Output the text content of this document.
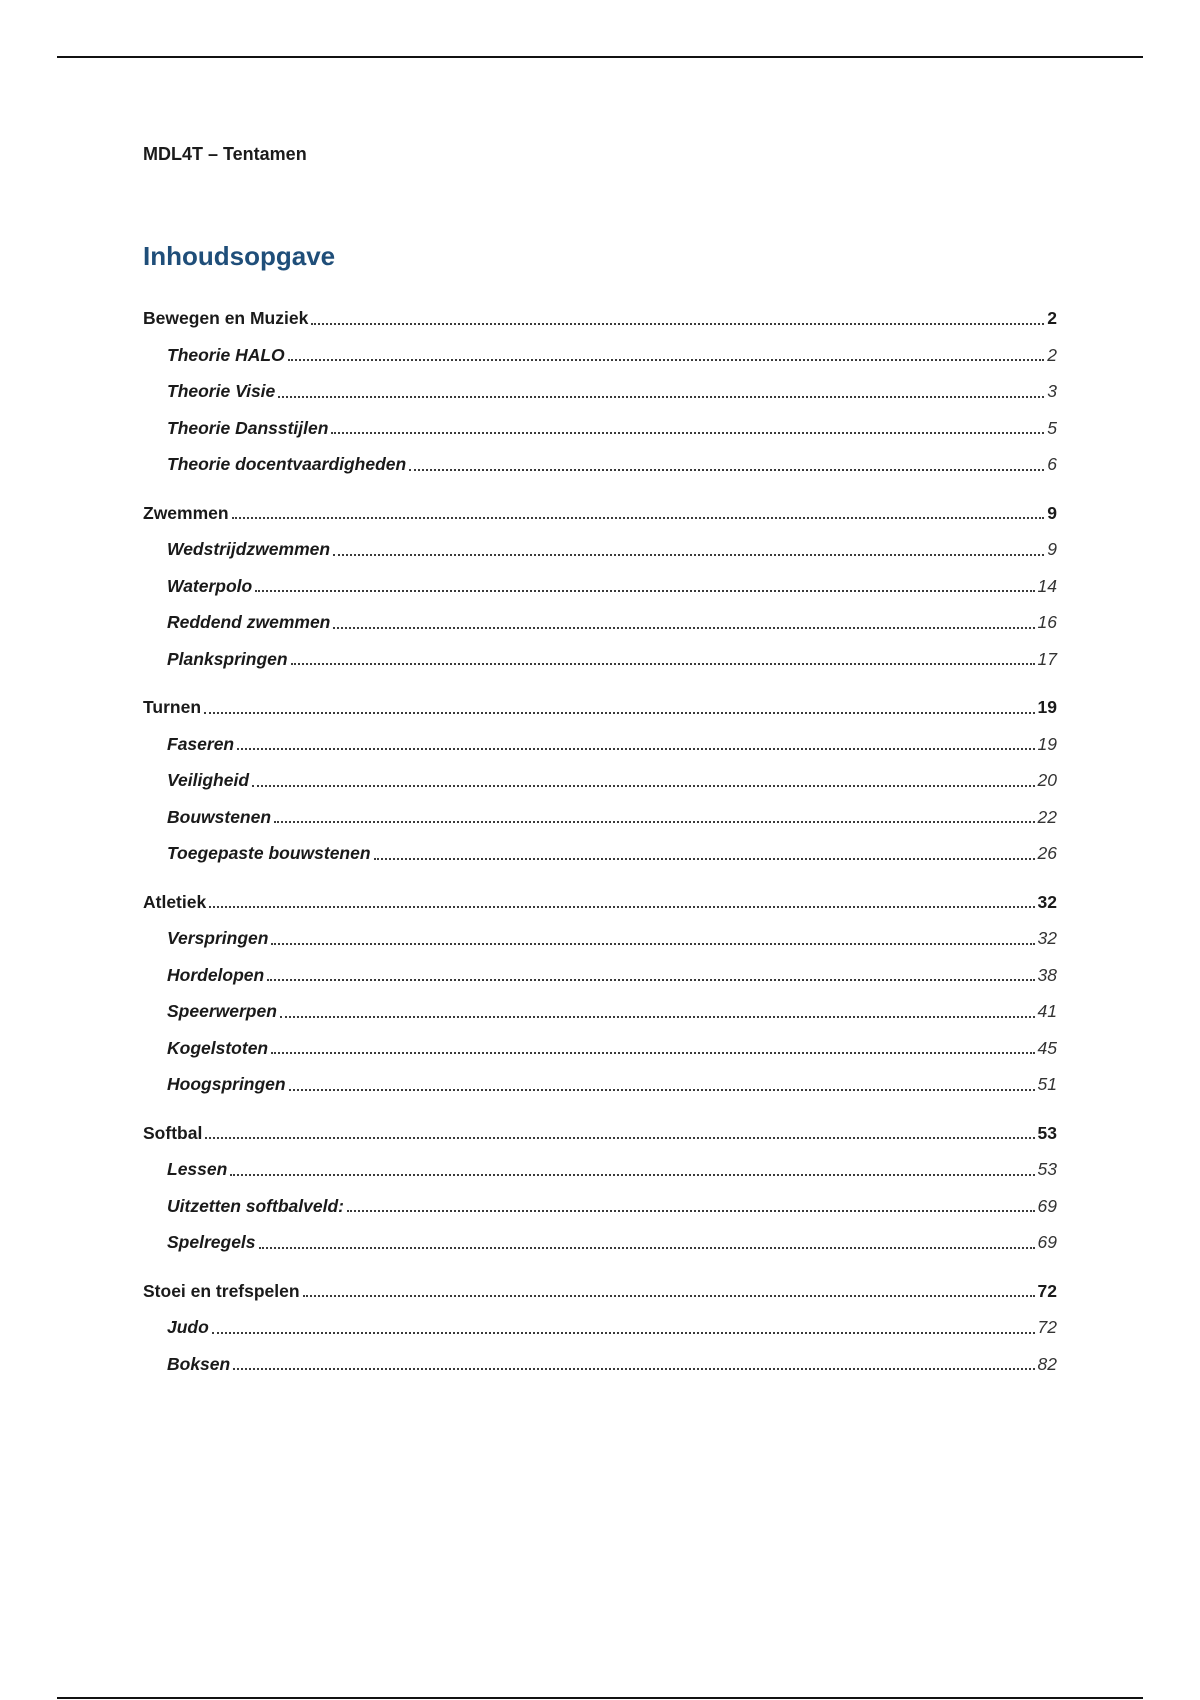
MDL4T – Tentamen
Inhoudsopgave
Bewegen en Muziek	2
Theorie HALO	2
Theorie Visie	3
Theorie Dansstijlen	5
Theorie docentvaardigheden	6
Zwemmen	9
Wedstrijdzwemmen	9
Waterpolo	14
Reddend zwemmen	16
Plankspringen	17
Turnen	19
Faseren	19
Veiligheid	20
Bouwstenen	22
Toegepaste bouwstenen	26
Atletiek	32
Verspringen	32
Hordelopen	38
Speerwerpen	41
Kogelstoten	45
Hoogspringen	51
Softbal	53
Lessen	53
Uitzetten softbalveld:	69
Spelregels	69
Stoei en trefspelen	72
Judo	72
Boksen	82
